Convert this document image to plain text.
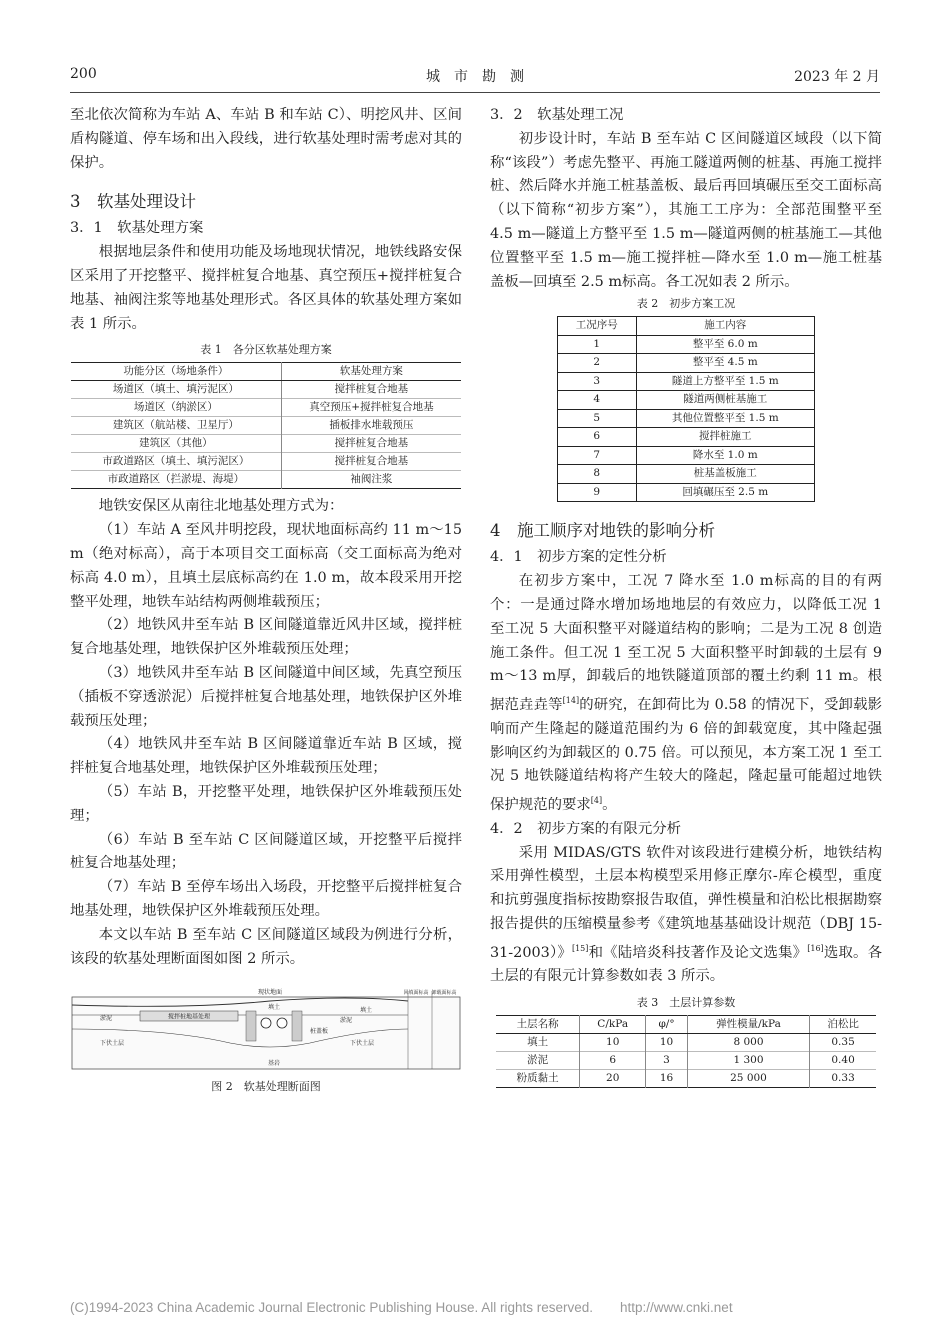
200	城　市　勘　测	2023 年 2 月

至北依次简称为车站 A、车站 B 和车站 C）、明挖风井、区间盾构隧道、停车场和出入段线，进行软基处理时需考虑对其的保护。

3　软基处理设计
3．1　软基处理方案

根据地层条件和使用功能及场地现状情况，地铁线路安保区采用了开挖整平、搅拌桩复合地基、真空预压+搅拌桩复合地基、袖阀注浆等地基处理形式。各区具体的软基处理方案如表 1 所示。

表 1　各分区软基处理方案
功能分区（场地条件）	软基处理方案
场道区（填土、填污泥区）	搅拌桩复合地基
场道区（纳淤区）	真空预压+搅拌桩复合地基
建筑区（航站楼、卫星厅）	插板排水堆载预压
建筑区（其他）	搅拌桩复合地基
市政道路区（填土、填污泥区）	搅拌桩复合地基
市政道路区（拦淤堤、海堤）	袖阀注浆

地铁安保区从南往北地基处理方式为：

（1）车站 A 至风井明挖段，现状地面标高约 11 m～15 m（绝对标高），高于本项目交工面标高（交工面标高为绝对标高 4.0 m），且填土层底标高约在 1.0 m，故本段采用开挖整平处理，地铁车站结构两侧堆载预压；

（2）地铁风井至车站 B 区间隧道靠近风井区域，搅拌桩复合地基处理，地铁保护区外堆载预压处理；

（3）地铁风井至车站 B 区间隧道中间区域，先真空预压（插板不穿透淤泥）后搅拌桩复合地基处理，地铁保护区外堆载预压处理；

（4）地铁风井至车站 B 区间隧道靠近车站 B 区域，搅拌桩复合地基处理，地铁保护区外堆载预压处理；

（5）车站 B，开挖整平处理，地铁保护区外堆载预压处理；

（6）车站 B 至车站 C 区间隧道区域，开挖整平后搅拌桩复合地基处理；

（7）车站 B 至停车场出入场段，开挖整平后搅拌桩复合地基处理，地铁保护区外堆载预压处理。

本文以车站 B 至车站 C 区间隧道区域段为例进行分析，该段的软基处理断面图如图 2 所示。

现状地面
填土	填土
淤泥	淤泥
搅拌桩地基处理
桩盖板
下伏土层	下伏土层
基岩
回填面标高 卸载面标高
图 2　软基处理断面图
3．2　软基处理工况

初步设计时，车站 B 至车站 C 区间隧道区域段（以下简称“该段”）考虑先整平、再施工隧道两侧的桩基、再施工搅拌桩、然后降水并施工桩基盖板、最后再回填碾压至交工面标高（以下简称“初步方案”），其施工工序为：全部范围整平至 4.5 m—隧道上方整平至 1.5 m—隧道两侧的桩基施工—其他位置整平至 1.5 m—施工搅拌桩—降水至 1.0 m—施工桩基盖板—回填至 2.5 m标高。各工况如表 2 所示。

表 2　初步方案工况
工况序号	施工内容
1	整平至 6.0 m
2	整平至 4.5 m
3	隧道上方整平至 1.5 m
4	隧道两侧桩基施工
5	其他位置整平至 1.5 m
6	搅拌桩施工
7	降水至 1.0 m
8	桩基盖板施工
9	回填碾压至 2.5 m
4　施工顺序对地铁的影响分析
4．1　初步方案的定性分析

在初步方案中，工况 7 降水至 1.0 m标高的目的有两个：一是通过降水增加场地地层的有效应力，以降低工况 1 至工况 5 大面积整平对隧道结构的影响；二是为工况 8 创造施工条件。但工况 1 至工况 5 大面积整平时卸载的土层有 9 m～13 m厚，卸载后的地铁隧道顶部的覆土约剩 11 m。根据范垚垚等[14]的研究，在卸荷比为 0.58 的情况下，受卸载影响而产生隆起的隧道范围约为 6 倍的卸载宽度，其中隆起强影响区约为卸载区的 0.75 倍。可以预见，本方案工况 1 至工况 5 地铁隧道结构将产生较大的隆起，隆起量可能超过地铁保护规范的要求[4]。

4．2　初步方案的有限元分析

采用 MIDAS/GTS 软件对该段进行建模分析，地铁结构采用弹性模型，土层本构模型采用修正摩尔-库仑模型，重度和抗剪强度指标按勘察报告取值，弹性模量和泊松比根据勘察报告提供的压缩模量参考《建筑地基基础设计规范（DBJ 15-31-2003）》[15]和《陆培炎科技著作及论文选集》[16]选取。各土层的有限元计算参数如表 3 所示。

表 3　土层计算参数
土层名称	C/kPa	φ/°	弹性模量/kPa	泊松比
填土	10	10	8 000	0.35
淤泥	6	3	1 300	0.40
粉质黏土	20	16	25 000	0.33
(C)1994-2023 China Academic Journal Electronic Publishing House. All rights reserved.　　http://www.cnki.net
